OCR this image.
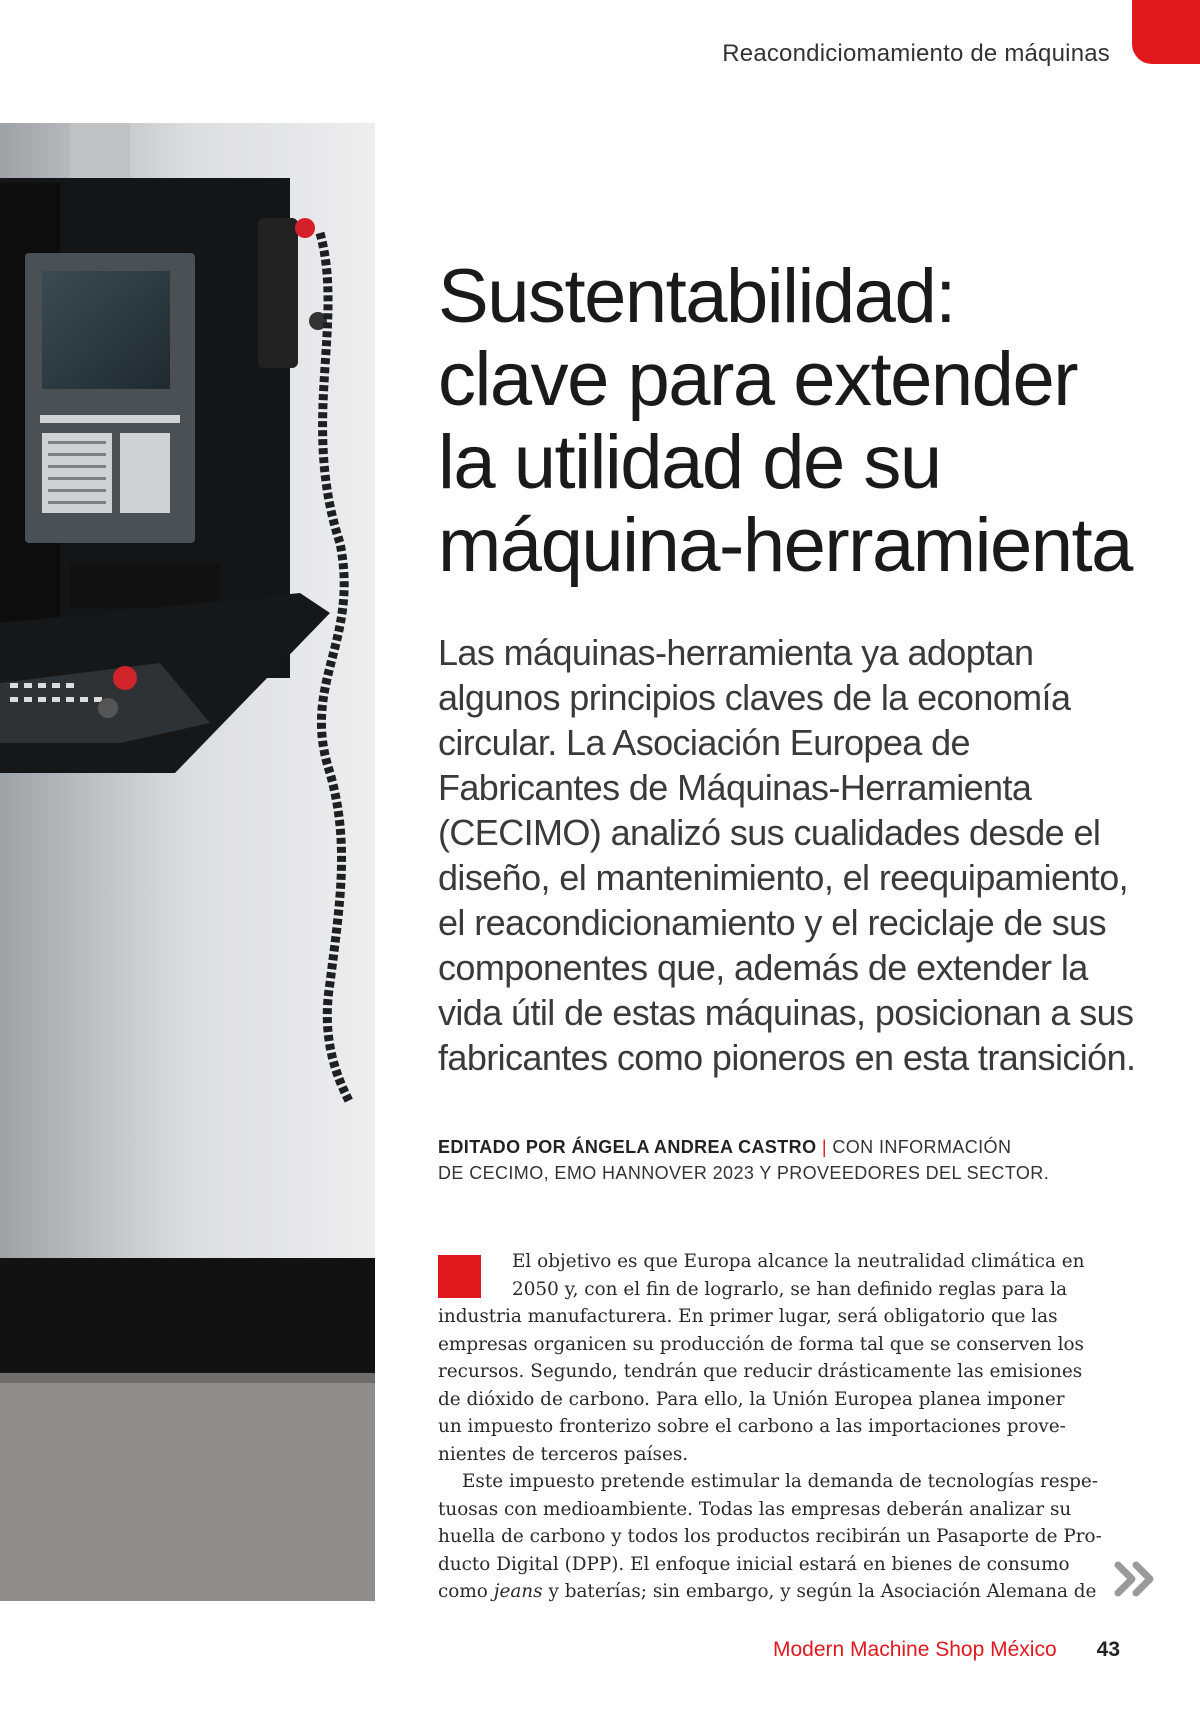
Reacondiciomamiento de máquinas
Sustentabilidad:
clave para extender
la utilidad de su
máquina-herramienta

Las máquinas-herramienta ya adoptan
algunos principios claves de la economía
circular. La Asociación Europea de
Fabricantes de Máquinas-Herramienta
(CECIMO) analizó sus cualidades desde el
diseño, el mantenimiento, el reequipamiento,
el reacondicionamiento y el reciclaje de sus
componentes que, además de extender la
vida útil de estas máquinas, posicionan a sus
fabricantes como pioneros en esta transición.

EDITADO POR ÁNGELA ANDREA CASTRO | CON INFORMACIÓN
DE CECIMO, EMO HANNOVER 2023 Y PROVEEDORES DEL SECTOR.
El objetivo es que Europa alcance la neutralidad climática en
2050 y, con el fin de lograrlo, se han definido reglas para la
industria manufacturera. En primer lugar, será obligatorio que las
empresas organicen su producción de forma tal que se conserven los
recursos. Segundo, tendrán que reducir drásticamente las emisiones
de dióxido de carbono. Para ello, la Unión Europea planea imponer
un impuesto fronterizo sobre el carbono a las importaciones prove-
nientes de terceros países.
Este impuesto pretende estimular la demanda de tecnologías respe-
tuosas con medioambiente. Todas las empresas deberán analizar su
huella de carbono y todos los productos recibirán un Pasaporte de Pro-
ducto Digital (DPP). El enfoque inicial estará en bienes de consumo
como jeans y baterías; sin embargo, y según la Asociación Alemana de
Modern Machine Shop México 43
